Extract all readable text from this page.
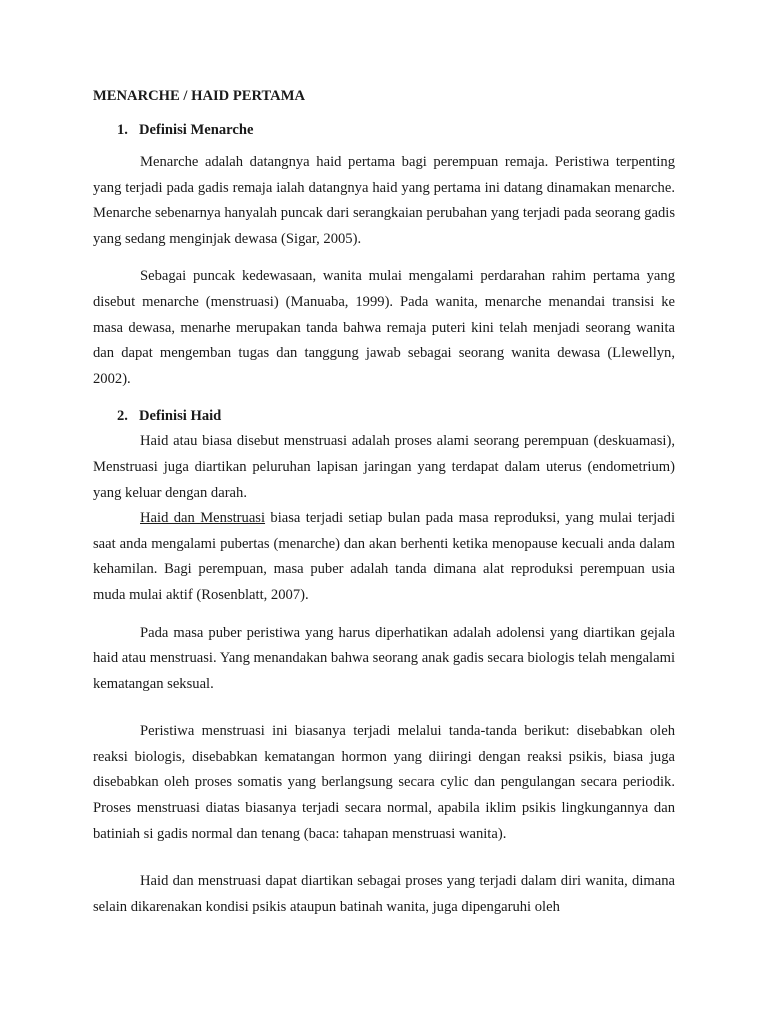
MENARCHE / HAID PERTAMA
1. Definisi Menarche

Menarche adalah datangnya haid pertama bagi perempuan remaja. Peristiwa terpenting yang terjadi pada gadis remaja ialah datangnya haid yang pertama ini datang dinamakan menarche. Menarche sebenarnya hanyalah puncak dari serangkaian perubahan yang terjadi pada seorang gadis yang sedang menginjak dewasa (Sigar, 2005).

Sebagai puncak kedewasaan, wanita mulai mengalami perdarahan rahim pertama yang disebut menarche (menstruasi) (Manuaba, 1999). Pada wanita, menarche menandai transisi ke masa dewasa, menarhe merupakan tanda bahwa remaja puteri kini telah menjadi seorang wanita dan dapat mengemban tugas dan tanggung jawab sebagai seorang wanita dewasa (Llewellyn, 2002).

2. Definisi Haid

Haid atau biasa disebut menstruasi adalah proses alami seorang perempuan (deskuamasi), Menstruasi juga diartikan peluruhan lapisan jaringan yang terdapat dalam uterus (endometrium) yang keluar dengan darah.

Haid dan Menstruasi biasa terjadi setiap bulan pada masa reproduksi, yang mulai terjadi saat anda mengalami pubertas (menarche) dan akan berhenti ketika menopause kecuali anda dalam kehamilan. Bagi perempuan, masa puber adalah tanda dimana alat reproduksi perempuan usia muda mulai aktif (Rosenblatt, 2007).

Pada masa puber peristiwa yang harus diperhatikan adalah adolensi yang diartikan gejala haid atau menstruasi. Yang menandakan bahwa seorang anak gadis secara biologis telah mengalami kematangan seksual.

Peristiwa menstruasi ini biasanya terjadi melalui tanda-tanda berikut: disebabkan oleh reaksi biologis, disebabkan kematangan hormon yang diiringi dengan reaksi psikis, biasa juga disebabkan oleh proses somatis yang berlangsung secara cylic dan pengulangan secara periodik. Proses menstruasi diatas biasanya terjadi secara normal, apabila iklim psikis lingkungannya dan batiniah si gadis normal dan tenang (baca: tahapan menstruasi wanita).

Haid dan menstruasi dapat diartikan sebagai proses yang terjadi dalam diri wanita, dimana selain dikarenakan kondisi psikis ataupun batinah wanita, juga dipengaruhi oleh
